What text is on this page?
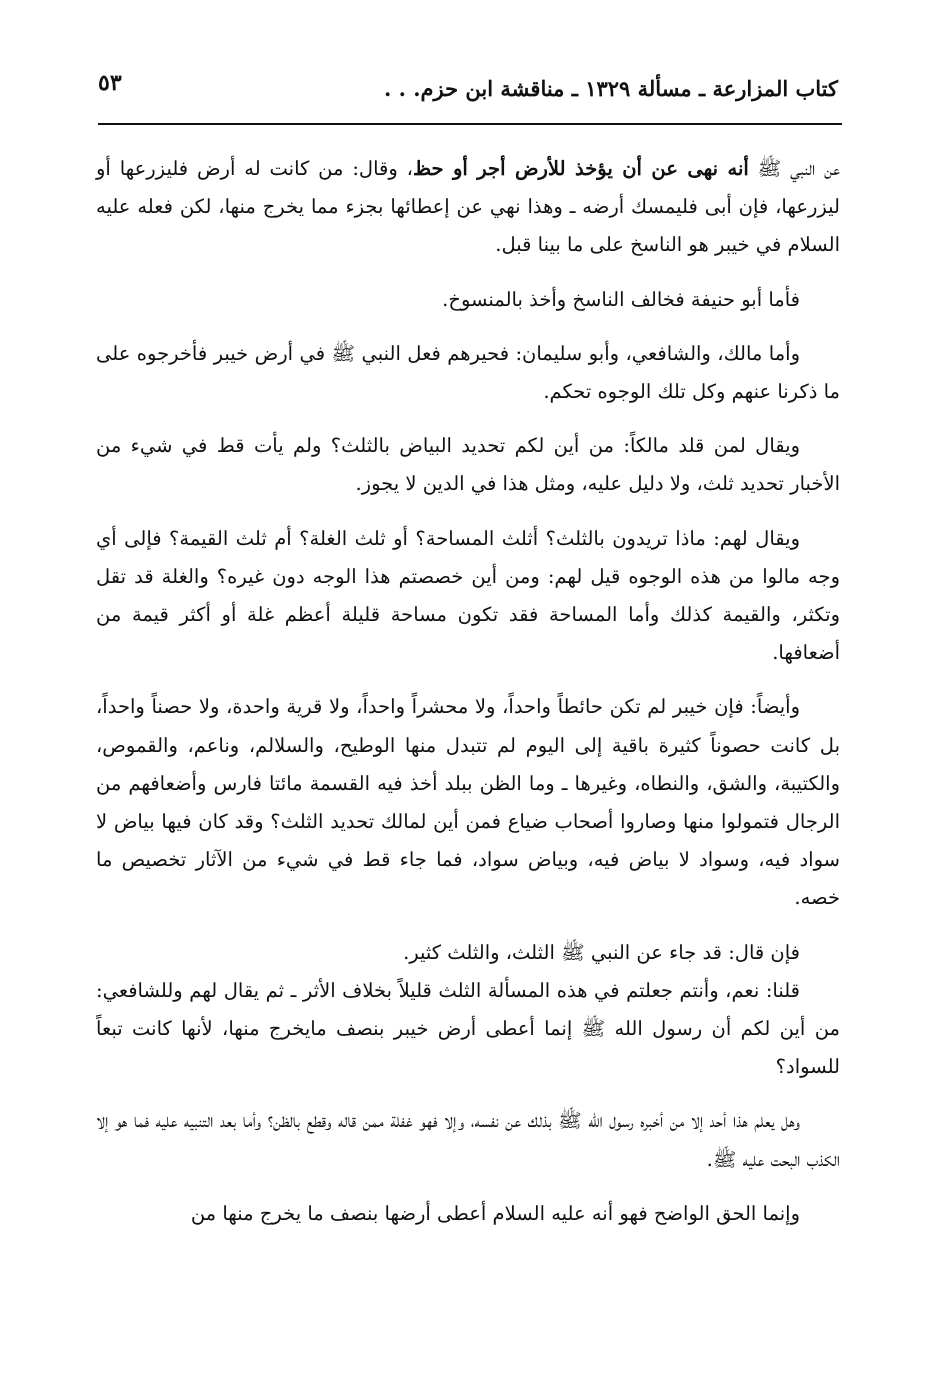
كتاب المزارعة ـ مسألة ١٣٢٩ ـ مناقشة ابن حزم. . .
٥٣

عن النبي ﷺ أنه نهى عن أن يؤخذ للأرض أجر أو حظ، وقال: من كانت له أرض فليزرعها أو ليزرعها، فإن أبى فليمسك أرضه ـ وهذا نهي عن إعطائها بجزء مما يخرج منها، لكن فعله عليه السلام في خيبر هو الناسخ على ما بينا قبل.

فأما أبو حنيفة فخالف الناسخ وأخذ بالمنسوخ.

وأما مالك، والشافعي، وأبو سليمان: فحيرهم فعل النبي ﷺ في أرض خيبر فأخرجوه على ما ذكرنا عنهم وكل تلك الوجوه تحكم.

ويقال لمن قلد مالكاً: من أين لكم تحديد البياض بالثلث؟ ولم يأت قط في شيء من الأخبار تحديد ثلث، ولا دليل عليه، ومثل هذا في الدين لا يجوز.

ويقال لهم: ماذا تريدون بالثلث؟ أثلث المساحة؟ أو ثلث الغلة؟ أم ثلث القيمة؟ فإلى أي وجه مالوا من هذه الوجوه قيل لهم: ومن أين خصصتم هذا الوجه دون غيره؟ والغلة قد تقل وتكثر، والقيمة كذلك وأما المساحة فقد تكون مساحة قليلة أعظم غلة أو أكثر قيمة من أضعافها.

وأيضاً: فإن خيبر لم تكن حائطاً واحداً، ولا محشراً واحداً، ولا قرية واحدة، ولا حصناً واحداً، بل كانت حصوناً كثيرة باقية إلى اليوم لم تتبدل منها الوطيح، والسلالم، وناعم، والقموص، والكتيبة، والشق، والنطاه، وغيرها ـ وما الظن ببلد أخذ فيه القسمة مائتا فارس وأضعافهم من الرجال فتمولوا منها وصاروا أصحاب ضياع فمن أين لمالك تحديد الثلث؟ وقد كان فيها بياض لا سواد فيه، وسواد لا بياض فيه، وبياض سواد، فما جاء قط في شيء من الآثار تخصيص ما خصه.

فإن قال: قد جاء عن النبي ﷺ الثلث، والثلث كثير.

قلنا: نعم، وأنتم جعلتم في هذه المسألة الثلث قليلاً بخلاف الأثر ـ ثم يقال لهم وللشافعي: من أين لكم أن رسول الله ﷺ إنما أعطى أرض خيبر بنصف مايخرج منها، لأنها كانت تبعاً للسواد؟

وهل يعلم هذا أحد إلا من أخبره رسول الله ﷺ بذلك عن نفسه، وإلا فهو غفلة ممن قاله وقطع بالظن؟ وأما بعد التنبيه عليه فما هو إلا الكذب البحت عليه ﷺ.

وإنما الحق الواضح فهو أنه عليه السلام أعطى أرضها بنصف ما يخرج منها من
